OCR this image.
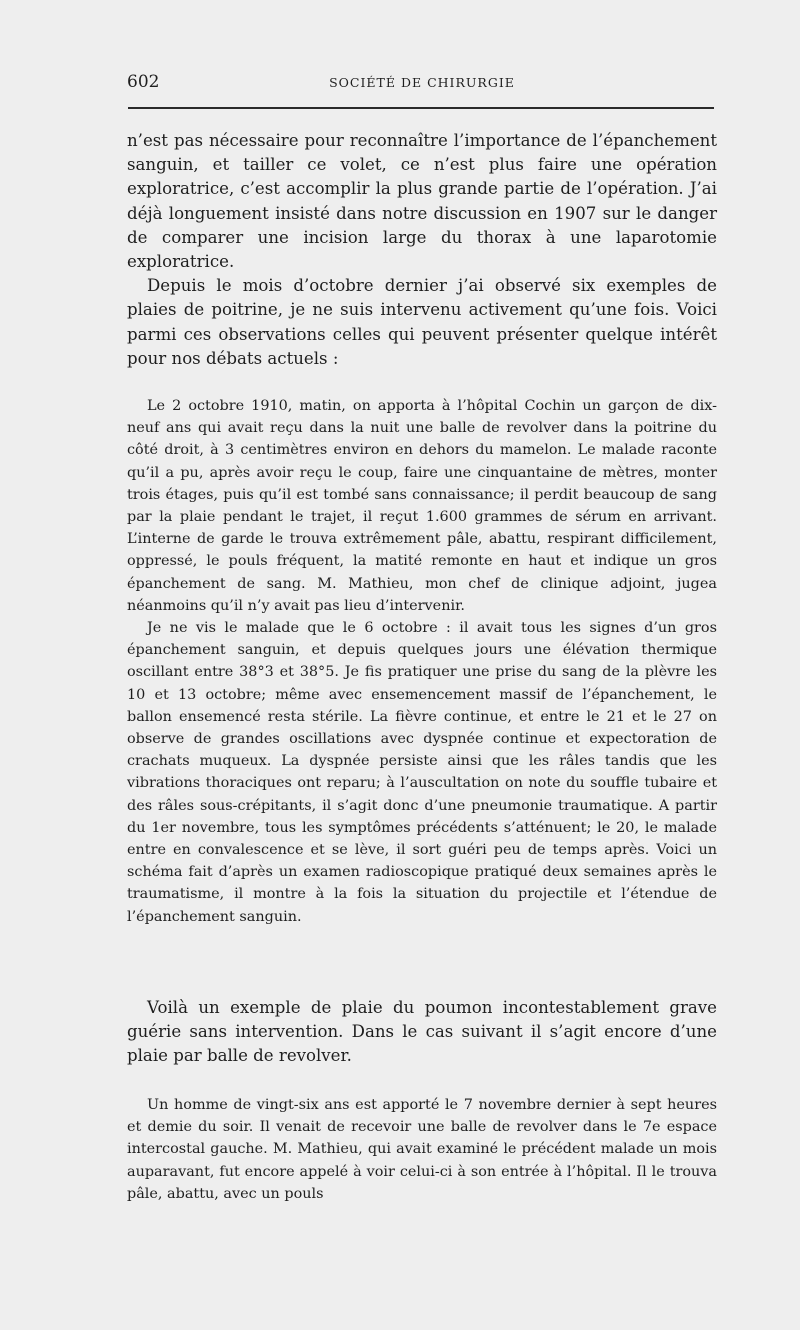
602	SOCIÉTÉ DE CHIRURGIE

n’est pas nécessaire pour reconnaître l’importance de l’épanchement sanguin, et tailler ce volet, ce n’est plus faire une opération exploratrice, c’est accomplir la plus grande partie de l’opération. J’ai déjà longuement insisté dans notre discussion en 1907 sur le danger de comparer une incision large du thorax à une laparotomie exploratrice.

Depuis le mois d’octobre dernier j’ai observé six exemples de plaies de poitrine, je ne suis intervenu activement qu’une fois. Voici parmi ces observations celles qui peuvent présenter quelque intérêt pour nos débats actuels :

Le 2 octobre 1910, matin, on apporta à l’hôpital Cochin un garçon de dix-neuf ans qui avait reçu dans la nuit une balle de revolver dans la poitrine du côté droit, à 3 centimètres environ en dehors du mamelon. Le malade raconte qu’il a pu, après avoir reçu le coup, faire une cinquantaine de mètres, monter trois étages, puis qu’il est tombé sans connaissance; il perdit beaucoup de sang par la plaie pendant le trajet, il reçut 1.600 grammes de sérum en arrivant. L’interne de garde le trouva extrêmement pâle, abattu, respirant difficilement, oppressé, le pouls fréquent, la matité remonte en haut et indique un gros épanchement de sang. M. Mathieu, mon chef de clinique adjoint, jugea néanmoins qu’il n’y avait pas lieu d’intervenir.

Je ne vis le malade que le 6 octobre : il avait tous les signes d’un gros épanchement sanguin, et depuis quelques jours une élévation thermique oscillant entre 38°3 et 38°5. Je fis pratiquer une prise du sang de la plèvre les 10 et 13 octobre; même avec ensemencement massif de l’épanchement, le ballon ensemencé resta stérile. La fièvre continue, et entre le 21 et le 27 on observe de grandes oscillations avec dyspnée continue et expectoration de crachats muqueux. La dyspnée persiste ainsi que les râles tandis que les vibrations thoraciques ont reparu; à l’auscultation on note du souffle tubaire et des râles sous-crépitants, il s’agit donc d’une pneumonie traumatique. A partir du 1er novembre, tous les symptômes précédents s’atténuent; le 20, le malade entre en convalescence et se lève, il sort guéri peu de temps après. Voici un schéma fait d’après un examen radioscopique pratiqué deux semaines après le traumatisme, il montre à la fois la situation du projectile et l’étendue de l’épanchement sanguin.

Voilà un exemple de plaie du poumon incontestablement grave guérie sans intervention. Dans le cas suivant il s’agit encore d’une plaie par balle de revolver.

Un homme de vingt-six ans est apporté le 7 novembre dernier à sept heures et demie du soir. Il venait de recevoir une balle de revolver dans le 7e espace intercostal gauche. M. Mathieu, qui avait examiné le précédent malade un mois auparavant, fut encore appelé à voir celui-ci à son entrée à l’hôpital. Il le trouva pâle, abattu, avec un pouls
